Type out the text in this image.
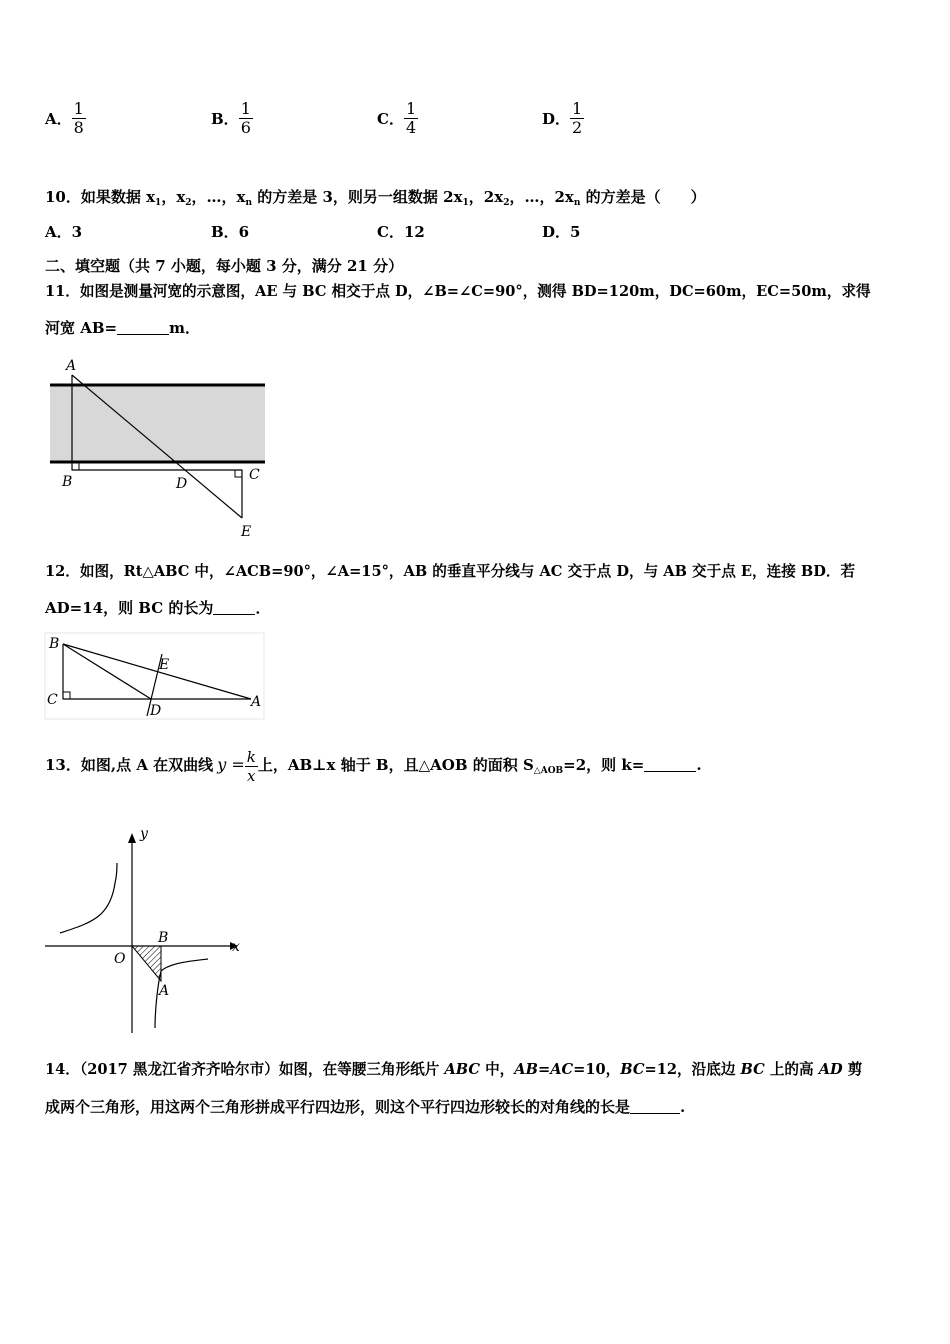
A． $\frac{1}{8}$	B． $\frac{1}{6}$	C． $\frac{1}{4}$	D． $\frac{1}{2}$
10．如果数据 $x_1$，$x_2$，…，$x_n$ 的方差是 3，则另一组数据 $2x_1$，$2x_2$，…，$2x_n$ 的方差是（　　）
A．3	B．6	C．12	D．5
二、填空题（共 7 小题，每小题 3 分，满分 21 分）
11．如图是测量河宽的示意图，AE 与 BC 相交于点 D，∠B=∠C=90°，测得 BD=120m，DC=60m，EC=50m，求得
河宽 AB=	m．
A
B	D
C
E
12．如图，Rt△ABC 中，∠ACB=90°，∠A=15°，AB 的垂直平分线与 AC 交于点 D，与 AB 交于点 E，连接 BD．若
AD=14，则 BC 的长为	．
B
C
E
D
A
13．如图,点 A 在双曲线 $y = \frac{k}{x}$ 上，AB⊥x 轴于 B，且△AOB 的面积 $S_{\triangle AOB}=2$，则 k=	.
O
B
A
x
y
14．（2017 黑龙江省齐齐哈尔市）如图，在等腰三角形纸片 ABC 中，AB=AC=10，BC=12，沿底边 BC 上的高 AD 剪
成两个三角形，用这两个三角形拼成平行四边形，则这个平行四边形较长的对角线的长是	.
